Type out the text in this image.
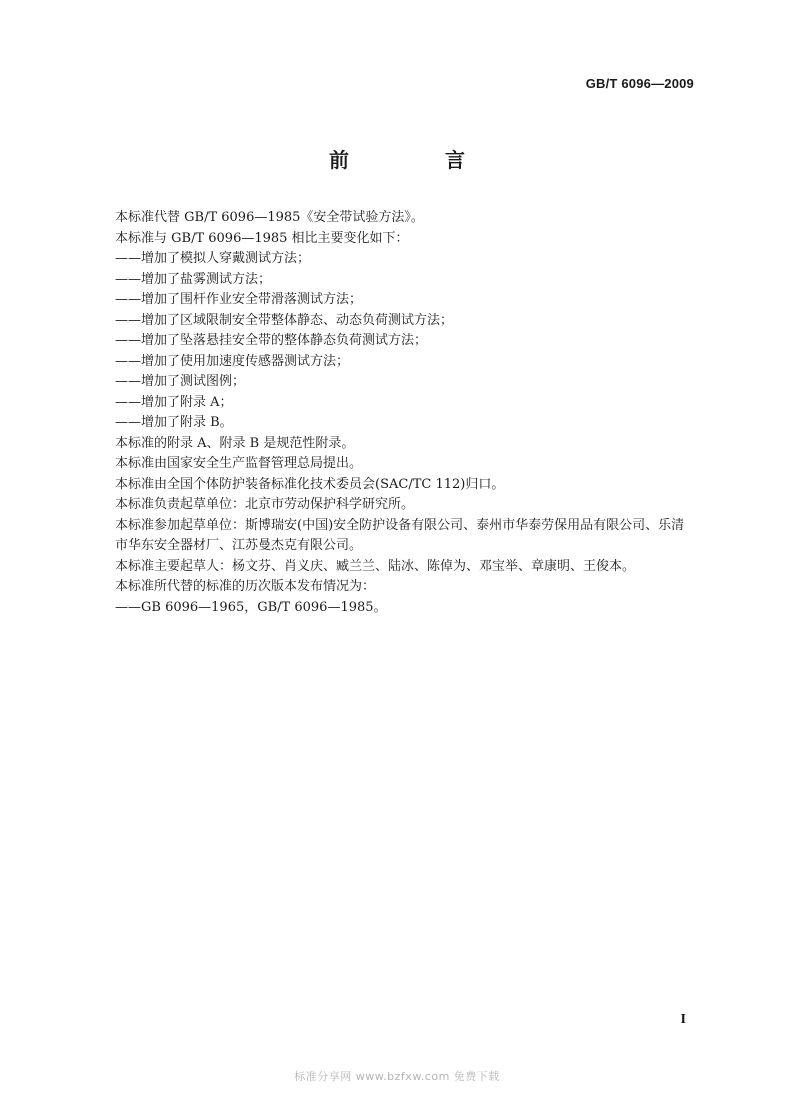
GB/T 6096—2009
前　言

本标准代替 GB/T 6096—1985《安全带试验方法》。

本标准与 GB/T 6096—1985 相比主要变化如下：

——增加了模拟人穿戴测试方法；

——增加了盐雾测试方法；

——增加了围杆作业安全带滑落测试方法；

——增加了区域限制安全带整体静态、动态负荷测试方法；

——增加了坠落悬挂安全带的整体静态负荷测试方法；

——增加了使用加速度传感器测试方法；

——增加了测试图例；

——增加了附录 A；

——增加了附录 B。

本标准的附录 A、附录 B 是规范性附录。

本标准由国家安全生产监督管理总局提出。

本标准由全国个体防护装备标准化技术委员会(SAC/TC 112)归口。

本标准负责起草单位：北京市劳动保护科学研究所。

本标准参加起草单位：斯博瑞安(中国)安全防护设备有限公司、泰州市华泰劳保用品有限公司、乐清市华东安全器材厂、江苏曼杰克有限公司。

本标准主要起草人：杨文芬、肖义庆、臧兰兰、陆冰、陈倬为、邓宝举、章康明、王俊本。

本标准所代替的标准的历次版本发布情况为：

——GB 6096—1965，GB/T 6096—1985。

I
标准分享网 www.bzfxw.com 免费下载
